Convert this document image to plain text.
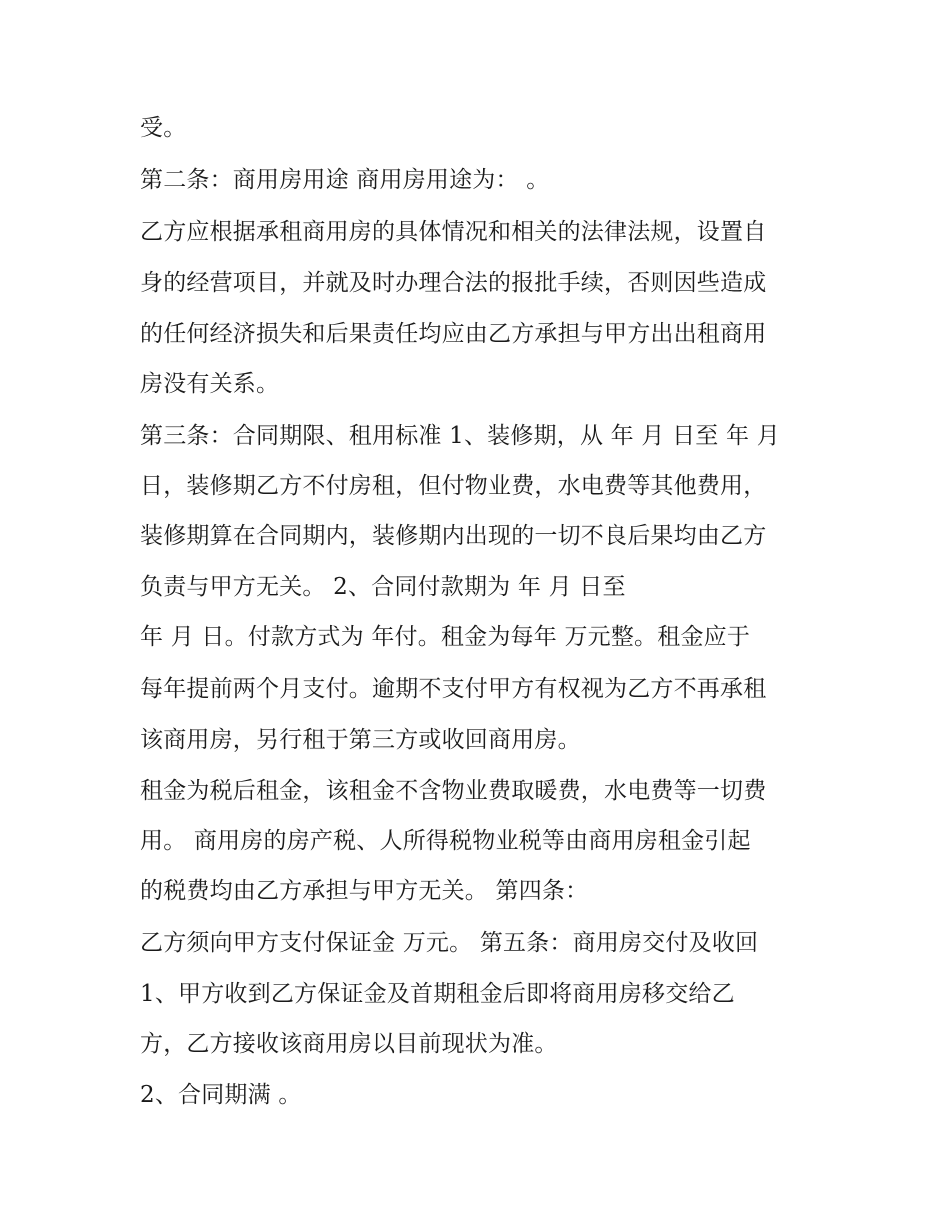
受。

第二条：商用房用途 商用房用途为： 。

乙方应根据承租商用房的具体情况和相关的法律法规，设置自

身的经营项目，并就及时办理合法的报批手续，否则因些造成

的任何经济损失和后果责任均应由乙方承担与甲方出出租商用

房没有关系。

第三条：合同期限、租用标准 1、装修期，从 年 月 日至 年 月

日，装修期乙方不付房租，但付物业费，水电费等其他费用，

装修期算在合同期内，装修期内出现的一切不良后果均由乙方

负责与甲方无关。 2、合同付款期为 年 月 日至

年 月 日。付款方式为 年付。租金为每年 万元整。租金应于

每年提前两个月支付。逾期不支付甲方有权视为乙方不再承租

该商用房，另行租于第三方或收回商用房。

租金为税后租金，该租金不含物业费取暖费，水电费等一切费

用。 商用房的房产税、人所得税物业税等由商用房租金引起

的税费均由乙方承担与甲方无关。 第四条：

乙方须向甲方支付保证金 万元。 第五条：商用房交付及收回

1、甲方收到乙方保证金及首期租金后即将商用房移交给乙

方，乙方接收该商用房以目前现状为准。

2、合同期满 。
